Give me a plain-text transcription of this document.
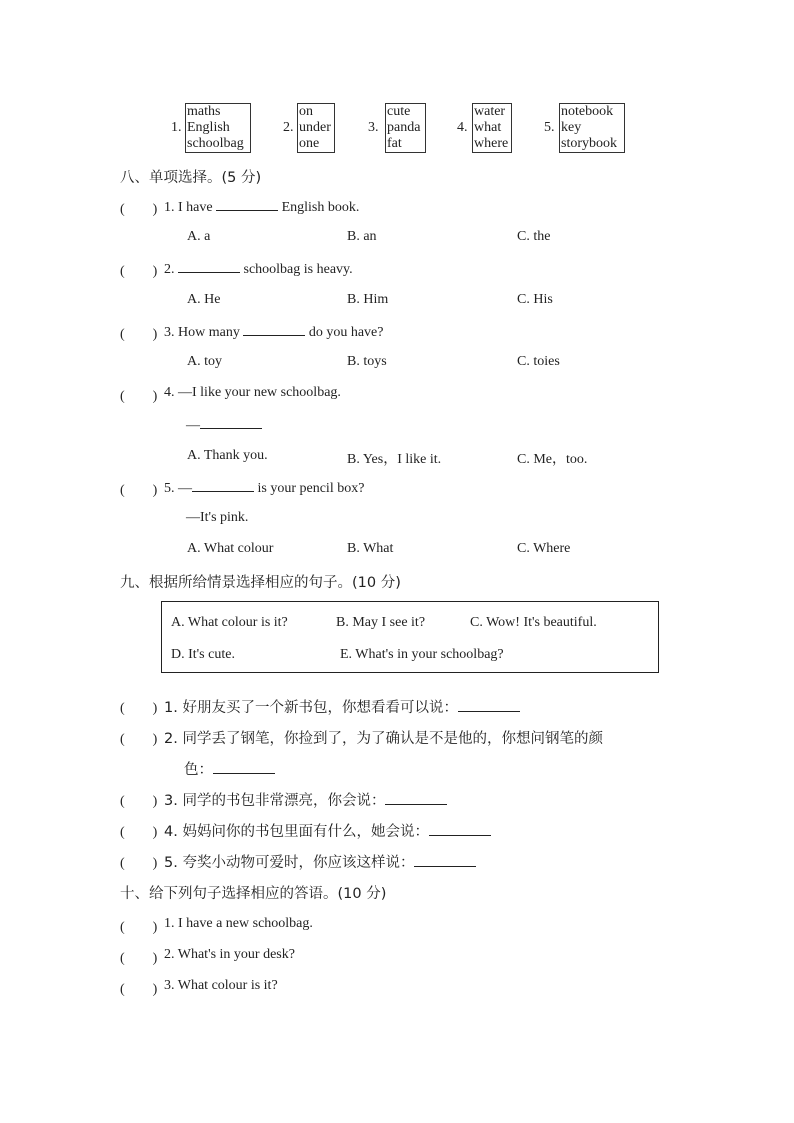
1.
maths
English
schoolbag
2.
on
under
one
3.
cute
panda
fat
4.
water
what
where
5.
notebook
key
storybook
八、单项选择。(5 分)
(　　) 1. I have	English book.
A. a	B. an	C. the
(　　) 2.	schoolbag is heavy.
A. He	B. Him	C. His
(　　) 3. How many	do you have?
A. toy	B. toys	C. toies
(　　) 4. —I like your new schoolbag.
—
A. Thank you.	B. Yes，I like it.	C. Me，too.
(　　) 5. —	is your pencil box?
—It's pink.
A. What colour	B. What	C. Where
九、根据所给情景选择相应的句子。(10 分)
A. What colour is it?	B. May I see it?	C. Wow! It's beautiful.
D. It's cute.	E. What's in your schoolbag?
(　　) 1. 好朋友买了一个新书包，你想看看可以说：
(　　) 2. 同学丢了钢笔，你捡到了，为了确认是不是他的，你想问钢笔的颜
色：
(　　) 3. 同学的书包非常漂亮，你会说：
(　　) 4. 妈妈问你的书包里面有什么，她会说：
(　　) 5. 夸奖小动物可爱时，你应该这样说：
十、给下列句子选择相应的答语。(10 分)
(　　) 1. I have a new schoolbag.
(　　) 2. What's in your desk?
(　　) 3. What colour is it?
